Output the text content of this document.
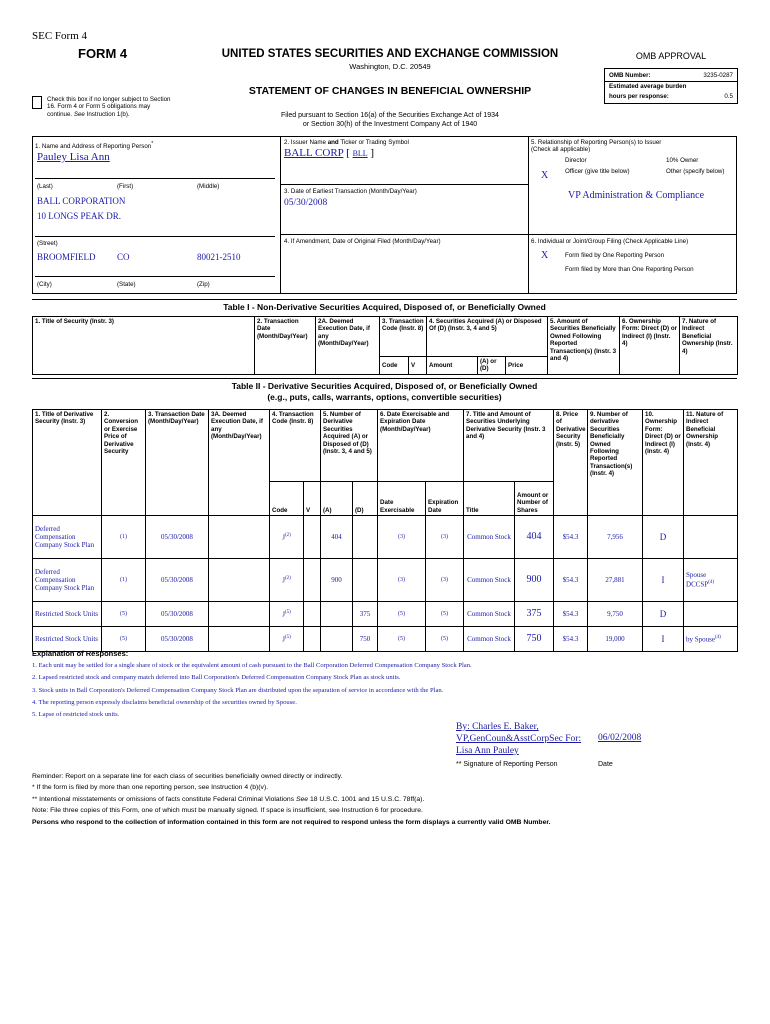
SEC Form 4
FORM 4	UNITED STATES SECURITIES AND EXCHANGE COMMISSION
Washington, D.C. 20549
STATEMENT OF CHANGES IN BENEFICIAL OWNERSHIP
Check this box if no longer subject to Section 16. Form 4 or Form 5 obligations may continue. See Instruction 1(b).	Filed pursuant to Section 16(a) of the Securities Exchange Act of 1934
or Section 30(h) of the Investment Company Act of 1940
OMB APPROVAL
OMB Number:	3235-0287
Estimated average burden
hours per response:	0.5
1. Name and Address of Reporting Person*
Pauley Lisa Ann
(Last)	(First)	(Middle)
BALL CORPORATION
10 LONGS PEAK DR.
(Street)
BROOMFIELD CO	80021-2510
(City)	(State)	(Zip)
2. Issuer Name and Ticker or Trading Symbol
BALL CORP [ BLL ]
3. Date of Earliest Transaction (Month/Day/Year)
05/30/2008
4. If Amendment, Date of Original Filed (Month/Day/Year)
5. Relationship of Reporting Person(s) to Issuer
(Check all applicable)
Director	10% Owner
X	Officer (give title below)	Other (specify below)
VP Administration & Compliance
6. Individual or Joint/Group Filing (Check Applicable Line)
X	Form filed by One Reporting Person
Form filed by More than One Reporting Person
Table I - Non-Derivative Securities Acquired, Disposed of, or Beneficially Owned
1. Title of Security (Instr. 3)	2. Transaction Date (Month/Day/Year)	2A. Deemed Execution Date, if any (Month/Day/Year)	3. Transaction Code (Instr. 8)		4. Securities Acquired (A) or Disposed Of (D) (Instr. 3, 4 and 5)			5. Amount of Securities Beneficially Owned Following Reported Transaction(s) (Instr. 3 and 4)	6. Ownership Form: Direct (D) or Indirect (I) (Instr. 4)	7. Nature of Indirect Beneficial Ownership (Instr. 4)
			Code	V	Amount	(A) or (D)	Price			
Table II - Derivative Securities Acquired, Disposed of, or Beneficially Owned
(e.g., puts, calls, warrants, options, convertible securities)
1. Title of Derivative Security (Instr. 3)	2. Conversion or Exercise Price of Derivative Security	3. Transaction Date (Month/Day/Year)	3A. Deemed Execution Date, if any (Month/Day/Year)	4. Transaction Code (Instr. 8)		5. Number of Derivative Securities Acquired (A) or Disposed of (D) (Instr. 3, 4 and 5)		6. Date Exercisable and Expiration Date (Month/Day/Year)		7. Title and Amount of Securities Underlying Derivative Security (Instr. 3 and 4)		8. Price of Derivative Security (Instr. 5)	9. Number of derivative Securities Beneficially Owned Following Reported Transaction(s) (Instr. 4)	10. Ownership Form: Direct (D) or Indirect (I) (Instr. 4)	11. Nature of Indirect Beneficial Ownership (Instr. 4)
				Code	V	(A)	(D)	Date Exercisable	Expiration Date	Title	Amount or Number of Shares				
Deferred Compensation Company Stock Plan	(1)	05/30/2008		$J^{(2)}$		404		(3)	(3)	Common Stock	404	$54.3	7,956	D	
Deferred Compensation Company Stock Plan	(1)	05/30/2008		$J^{(2)}$		900		(3)	(3)	Common Stock	900	$54.3	27,881	I	Spouse DCCSP$^{(4)}$
Restricted Stock Units	(5)	05/30/2008		$J^{(5)}$			375	(5)	(5)	Common Stock	375	$54.3	9,750	D	
Restricted Stock Units	(5)	05/30/2008		$J^{(5)}$			750	(5)	(5)	Common Stock	750	$54.3	19,000	I	by Spouse$^{(4)}$
Explanation of Responses:
1. Each unit may be settled for a single share of stock or the equivalent amount of cash pursuant to the Ball Corporation Deferred Compensation Company Stock Plan.
2. Lapsed restricted stock and company match deferred into Ball Corporation's Deferred Compensation Company Stock Plan as stock units.
3. Stock units in Ball Corporation's Deferred Compensation Company Stock Plan are distributed upon the separation of service in accordance with the Plan.
4. The reporting person expressly disclaims beneficial ownership of the securities owned by Spouse.
5. Lapse of restricted stock units.
By: Charles E. Baker,
VP,GenCoun&AsstCorpSec For:
Lisa Ann Pauley
06/02/2008
** Signature of Reporting Person	Date
Reminder: Report on a separate line for each class of securities beneficially owned directly or indirectly.
* If the form is filed by more than one reporting person, see Instruction 4 (b)(v).
** Intentional misstatements or omissions of facts constitute Federal Criminal Violations See 18 U.S.C. 1001 and 15 U.S.C. 78ff(a).
Note: File three copies of this Form, one of which must be manually signed. If space is insufficient, see Instruction 6 for procedure.
Persons who respond to the collection of information contained in this form are not required to respond unless the form displays a currently valid OMB Number.
